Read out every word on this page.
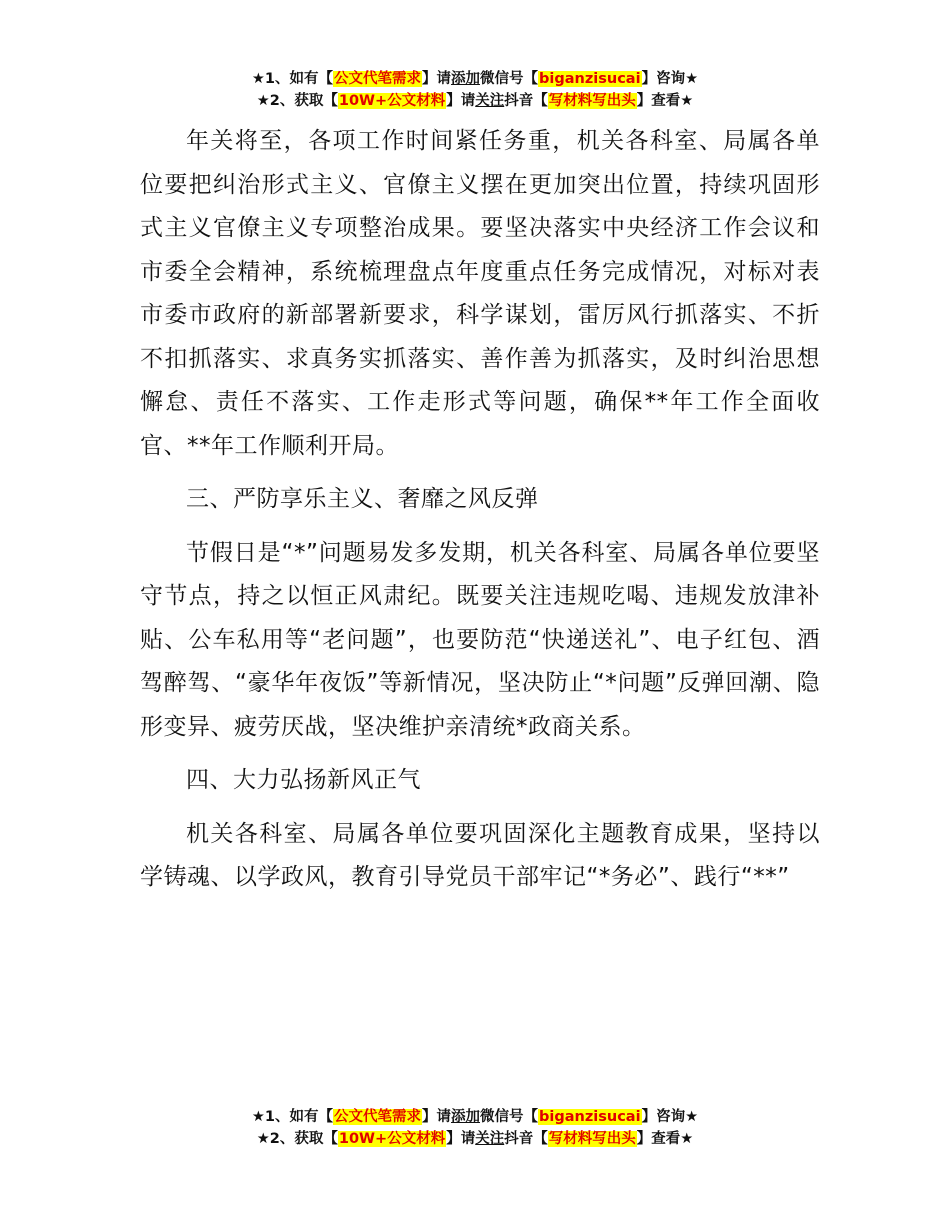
★1、如有【公文代笔需求】请添加微信号【biganzisucai】咨询★
★2、获取【10W+公文材料】请关注抖音【写材料写出头】查看★

年关将至，各项工作时间紧任务重，机关各科室、局属各单位要把纠治形式主义、官僚主义摆在更加突出位置，持续巩固形式主义官僚主义专项整治成果。要坚决落实中央经济工作会议和市委全会精神，系统梳理盘点年度重点任务完成情况，对标对表市委市政府的新部署新要求，科学谋划，雷厉风行抓落实、不折不扣抓落实、求真务实抓落实、善作善为抓落实，及时纠治思想懈怠、责任不落实、工作走形式等问题，确保**年工作全面收官、**年工作顺利开局。

三、严防享乐主义、奢靡之风反弹

节假日是“*”问题易发多发期，机关各科室、局属各单位要坚守节点，持之以恒正风肃纪。既要关注违规吃喝、违规发放津补贴、公车私用等“老问题”，也要防范“快递送礼”、电子红包、酒驾醉驾、“豪华年夜饭”等新情况，坚决防止“*问题”反弹回潮、隐形变异、疲劳厌战，坚决维护亲清统*政商关系。

四、大力弘扬新风正气

机关各科室、局属各单位要巩固深化主题教育成果，坚持以学铸魂、以学政风，教育引导党员干部牢记“*务必”、践行“**”

★1、如有【公文代笔需求】请添加微信号【biganzisucai】咨询★
★2、获取【10W+公文材料】请关注抖音【写材料写出头】查看★
